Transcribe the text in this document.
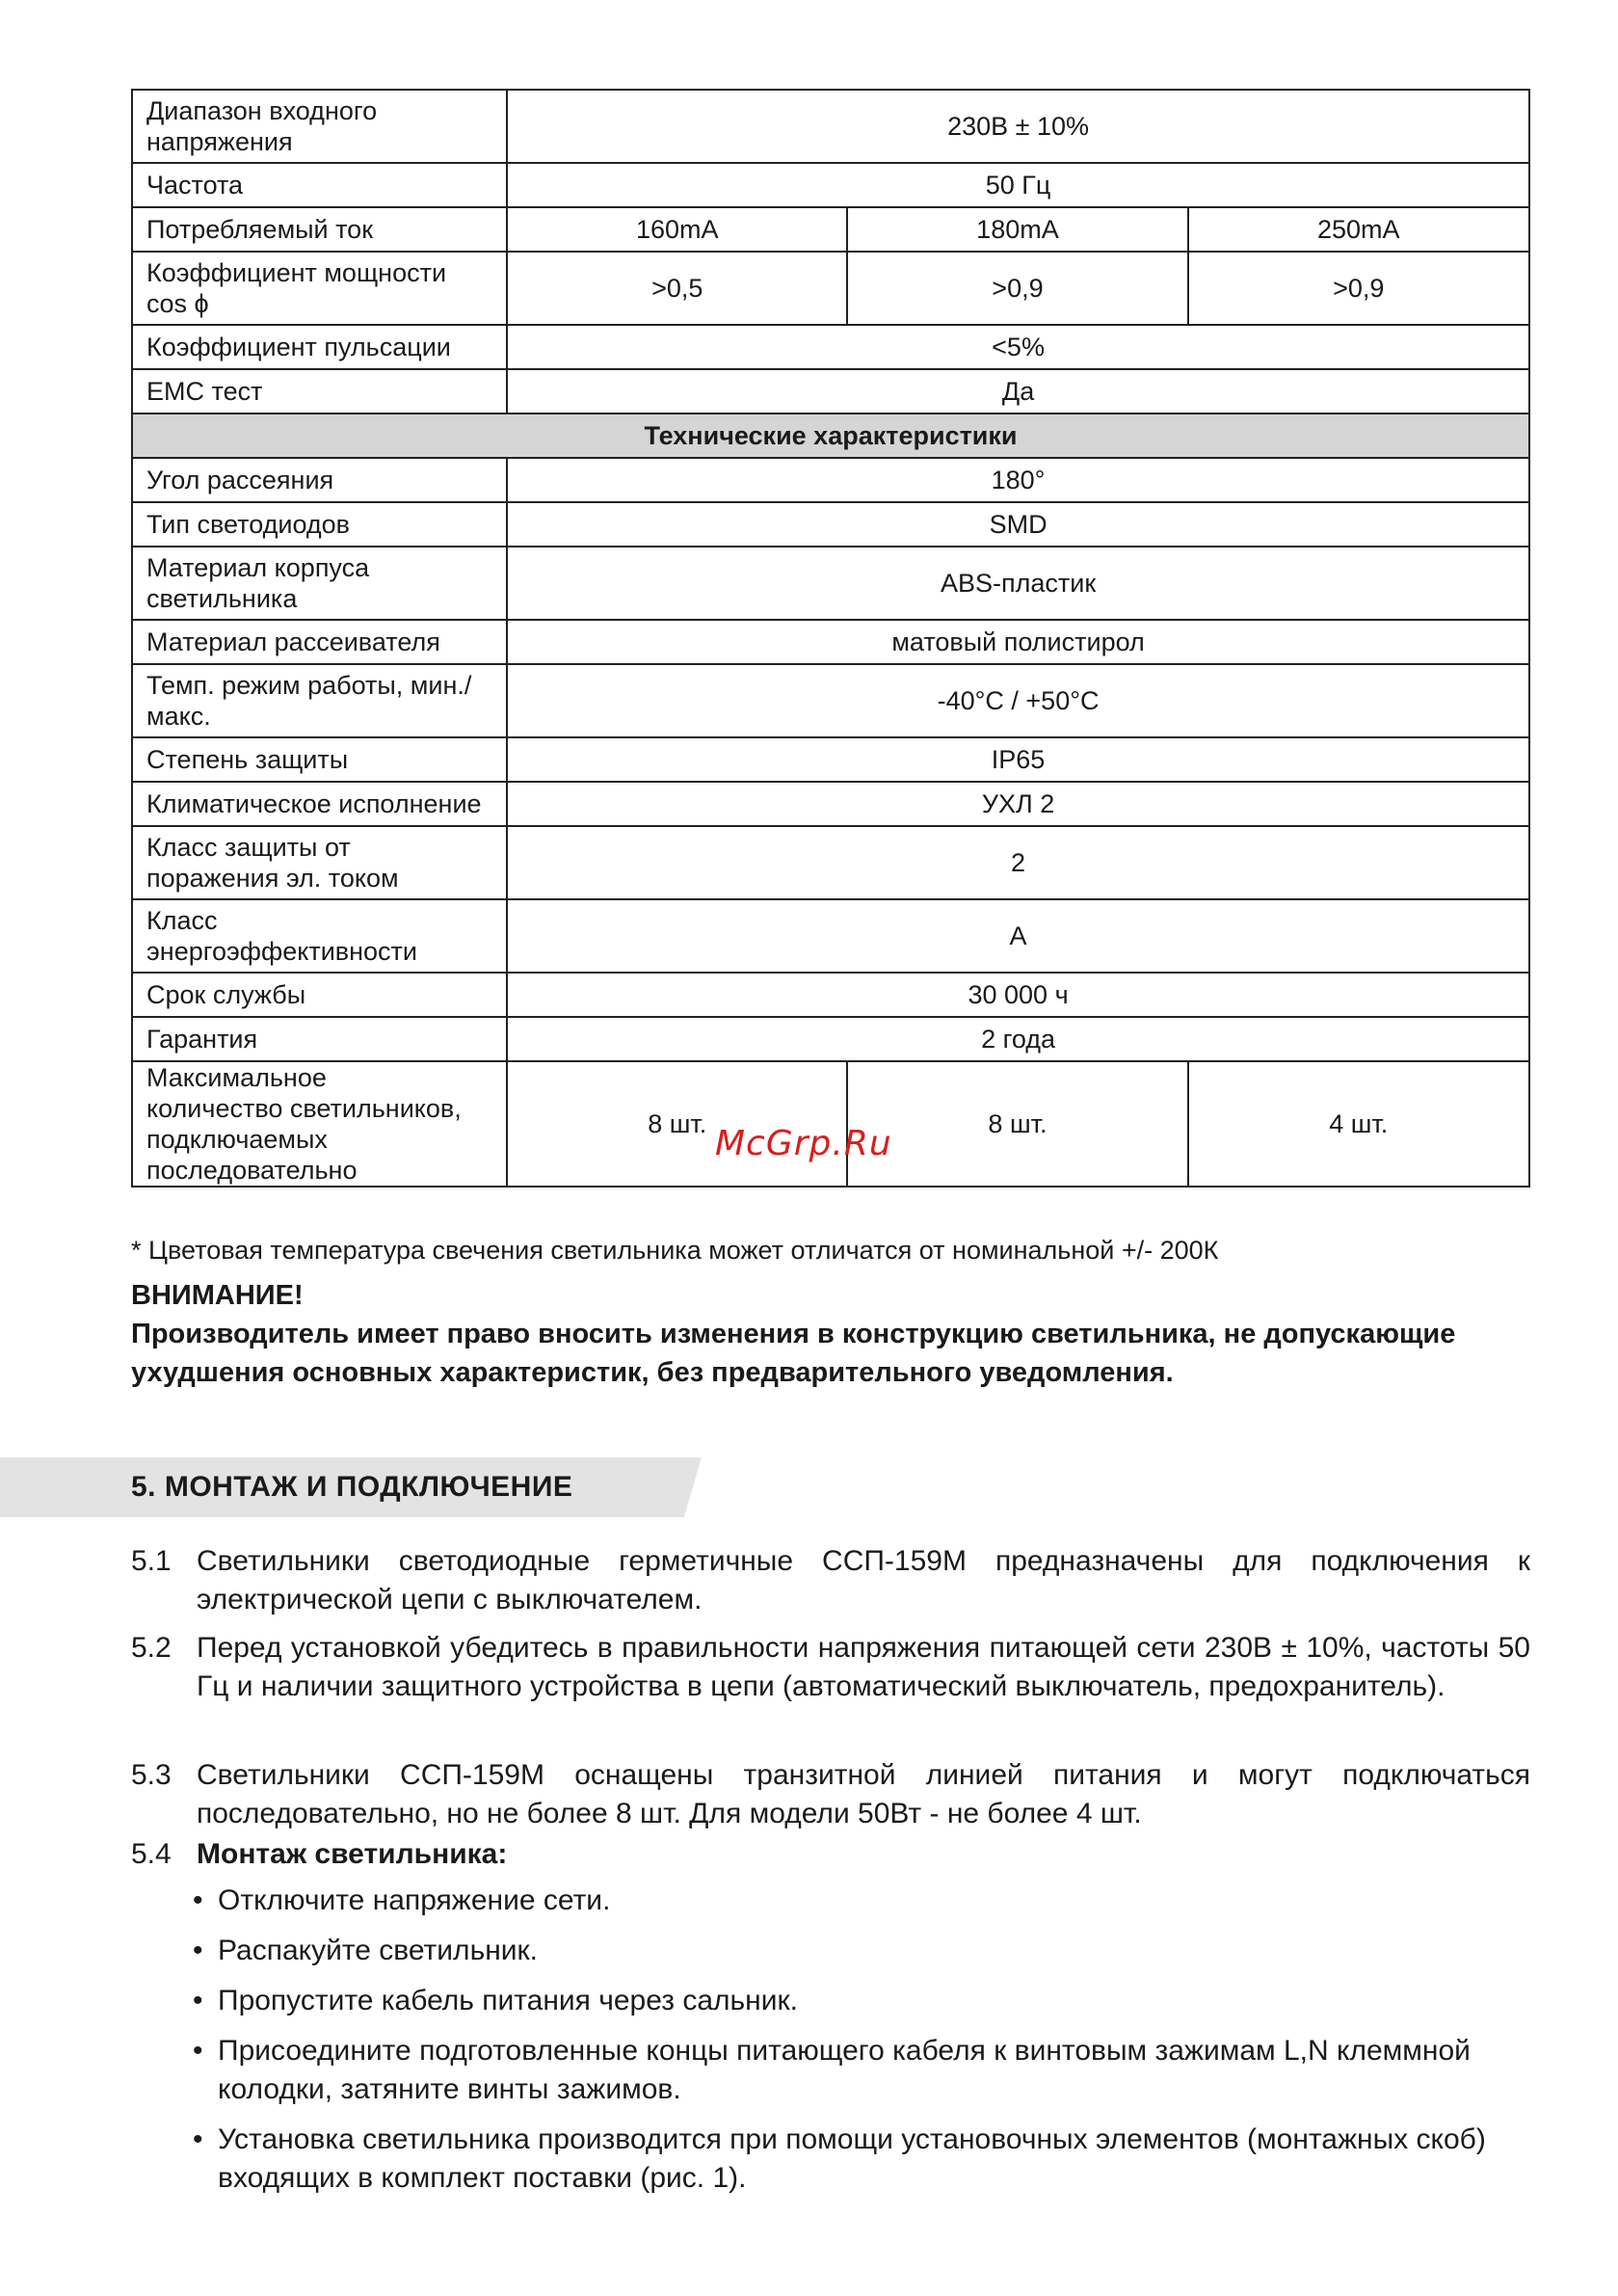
Диапазон входного
напряжения	230В ± 10%		
Частота	50 Гц		
Потребляемый ток	160mA	180mA	250mA
Коэффициент мощности
cos ϕ	>0,5	>0,9	>0,9
Коэффициент пульсации	<5%		
ЕМС тест	Да		
Технические характеристики			
Угол рассеяния	180°		
Тип светодиодов	SMD		
Материал корпуса
светильника	ABS-пластик		
Материал рассеивателя	матовый полистирол		
Темп. режим работы, мин./
макс.	-40°С / +50°С		
Степень защиты	IP65		
Климатическое исполнение	УХЛ 2		
Класс защиты от
поражения эл. током	2		
Класс
энергоэффективности	А		
Срок службы	30 000 ч		
Гарантия	2 года		
Максимальное
количество светильников,
подключаемых
последовательно	8 шт.	8 шт.	4 шт.
McGrp.Ru
* Цветовая температура свечения светильника может отличатся от номинальной +/- 200К
ВНИМАНИЕ!
Производитель имеет право вносить изменения в конструкцию светильника, не допускающие ухудшения основных характеристик, без предварительного уведомления.
5. МОНТАЖ И ПОДКЛЮЧЕНИЕ
5.1 Светильники светодиодные герметичные ССП-159М предназначены для подключения к электрической цепи с выключателем.
5.2 Перед установкой убедитесь в правильности напряжения питающей сети 230В ± 10%, частоты 50 Гц и наличии защитного устройства в цепи (автоматический выключатель, предохранитель).
5.3 Светильники ССП-159М оснащены транзитной линией питания и могут подключаться последовательно, но не более 8 шт. Для модели 50Вт - не более 4 шт.
5.4 Монтаж светильника:
• Отключите напряжение сети.
• Распакуйте светильник.
• Пропустите кабель питания через сальник.
• Присоедините подготовленные концы питающего кабеля к винтовым зажимам L,N клеммной колодки, затяните винты зажимов.
• Установка светильника производится при помощи установочных элементов (монтажных скоб) входящих в комплект поставки (рис. 1).
